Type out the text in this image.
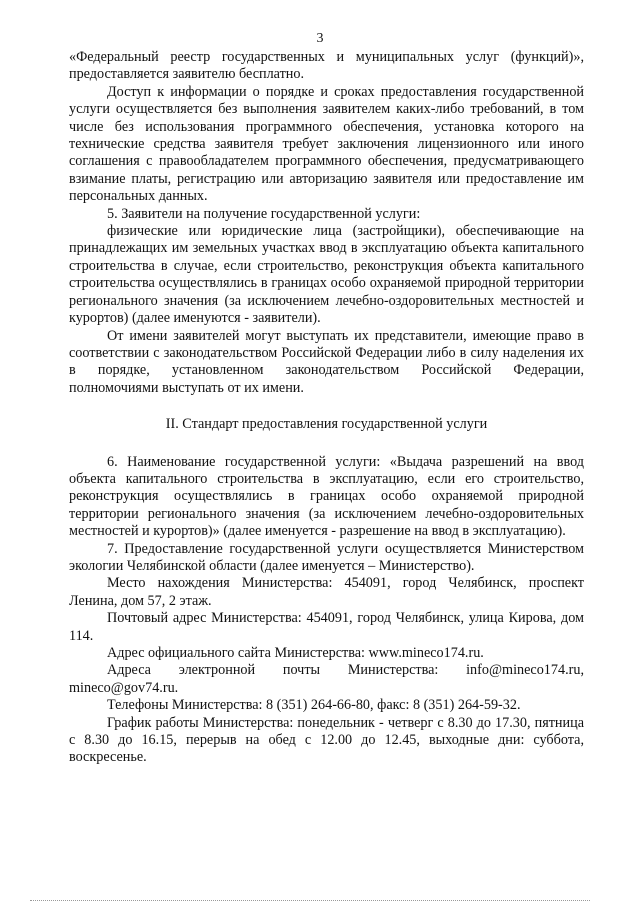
3

«Федеральный реестр государственных и муниципальных услуг (функций)», предоставляется заявителю бесплатно.

Доступ к информации о порядке и сроках предоставления государственной услуги осуществляется без выполнения заявителем каких-либо требований, в том числе без использования программного обеспечения, установка которого на технические средства заявителя требует заключения лицензионного или иного соглашения с правообладателем программного обеспечения, предусматривающего взимание платы, регистрацию или авторизацию заявителя или предоставление им персональных данных.

5. Заявители на получение государственной услуги:

физические или юридические лица (застройщики), обеспечивающие на принадлежащих им земельных участках ввод в эксплуатацию объекта капитального строительства в случае, если строительство, реконструкция объекта капитального строительства осуществлялись в границах особо охраняемой природной территории регионального значения (за исключением лечебно-оздоровительных местностей и курортов) (далее именуются - заявители).

От имени заявителей могут выступать их представители, имеющие право в соответствии с законодательством Российской Федерации либо в силу наделения их в порядке, установленном законодательством Российской Федерации, полномочиями выступать от их имени.

II. Стандарт предоставления государственной услуги

6. Наименование государственной услуги: «Выдача разрешений на ввод объекта капитального строительства в эксплуатацию, если его строительство, реконструкция осуществлялись в границах особо охраняемой природной территории регионального значения (за исключением лечебно-оздоровительных местностей и курортов)» (далее именуется - разрешение на ввод в эксплуатацию).

7. Предоставление государственной услуги осуществляется Министерством экологии Челябинской области (далее именуется – Министерство).

Место нахождения Министерства: 454091, город Челябинск, проспект Ленина, дом 57, 2 этаж.

Почтовый адрес Министерства: 454091, город Челябинск, улица Кирова, дом 114.

Адрес официального сайта Министерства: www.mineco174.ru.

Адреса электронной почты Министерства: info@mineco174.ru, mineco@gov74.ru.

Телефоны Министерства: 8 (351) 264-66-80, факс: 8 (351) 264-59-32.

График работы Министерства: понедельник - четверг с 8.30 до 17.30, пятница с 8.30 до 16.15, перерыв на обед с 12.00 до 12.45, выходные дни: суббота, воскресенье.
